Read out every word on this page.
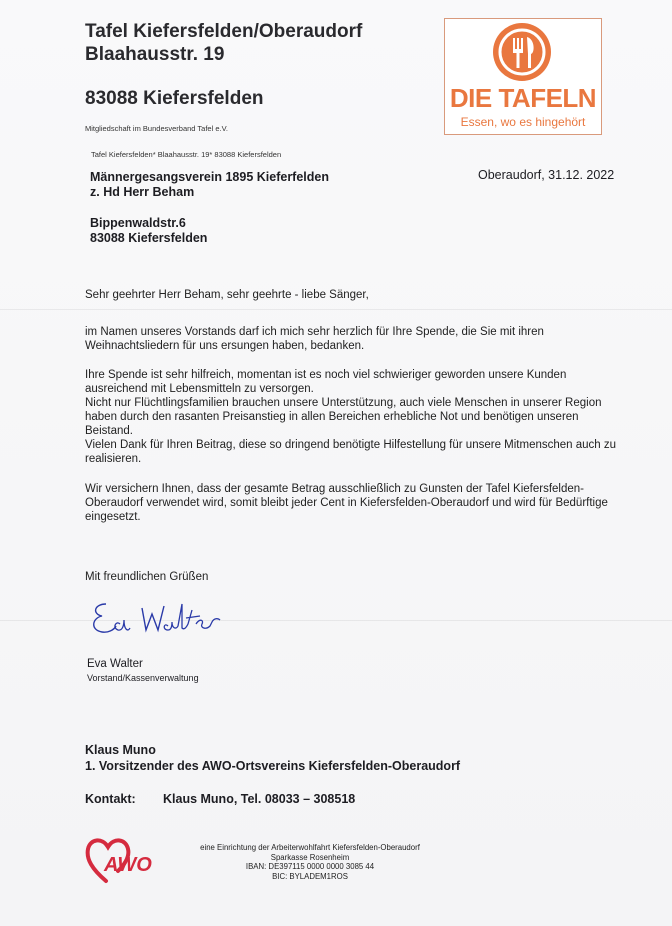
Tafel Kiefersfelden/Oberaudorf
Blaahausstr. 19
83088 Kiefersfelden
Mitgliedschaft im Bundesverband Tafel e.V.
Tafel Kiefersfelden* Blaahausstr. 19* 83088 Kiefersfelden
DIE TAFELN
Essen, wo es hingehört
Männergesangsverein 1895 Kieferfelden
z. Hd Herr Beham
Bippenwaldstr.6
83088 Kiefersfelden
Oberaudorf, 31.12. 2022
Sehr geehrter Herr Beham, sehr geehrte - liebe Sänger,
im Namen unseres Vorstands darf ich mich sehr herzlich für Ihre Spende, die Sie mit ihren Weihnachtsliedern für uns ersungen haben, bedanken.
Ihre Spende ist sehr hilfreich, momentan ist es noch viel schwieriger geworden unsere Kunden ausreichend mit Lebensmitteln zu versorgen.
Nicht nur Flüchtlingsfamilien brauchen unsere Unterstützung, auch viele Menschen in unserer Region haben durch den rasanten Preisanstieg in allen Bereichen erhebliche Not und benötigen unseren Beistand.
Vielen Dank für Ihren Beitrag, diese so dringend benötigte Hilfestellung für unsere Mitmenschen auch zu realisieren.
Wir versichern Ihnen, dass der gesamte Betrag ausschließlich zu Gunsten der Tafel Kiefersfelden-Oberaudorf verwendet wird, somit bleibt jeder Cent in Kiefersfelden-Oberaudorf und wird für Bedürftige eingesetzt.
Mit freundlichen Grüßen
Eva Walter
Vorstand/Kassenverwaltung
Klaus Muno
1. Vorsitzender des AWO-Ortsvereins Kiefersfelden-Oberaudorf
Kontakt: Klaus Muno, Tel. 08033 – 308518
AWO
eine Einrichtung der Arbeiterwohlfahrt Kiefersfelden-Oberaudorf
Sparkasse Rosenheim
IBAN: DE397115 0000 0000 3085 44
BIC: BYLADEM1ROS
